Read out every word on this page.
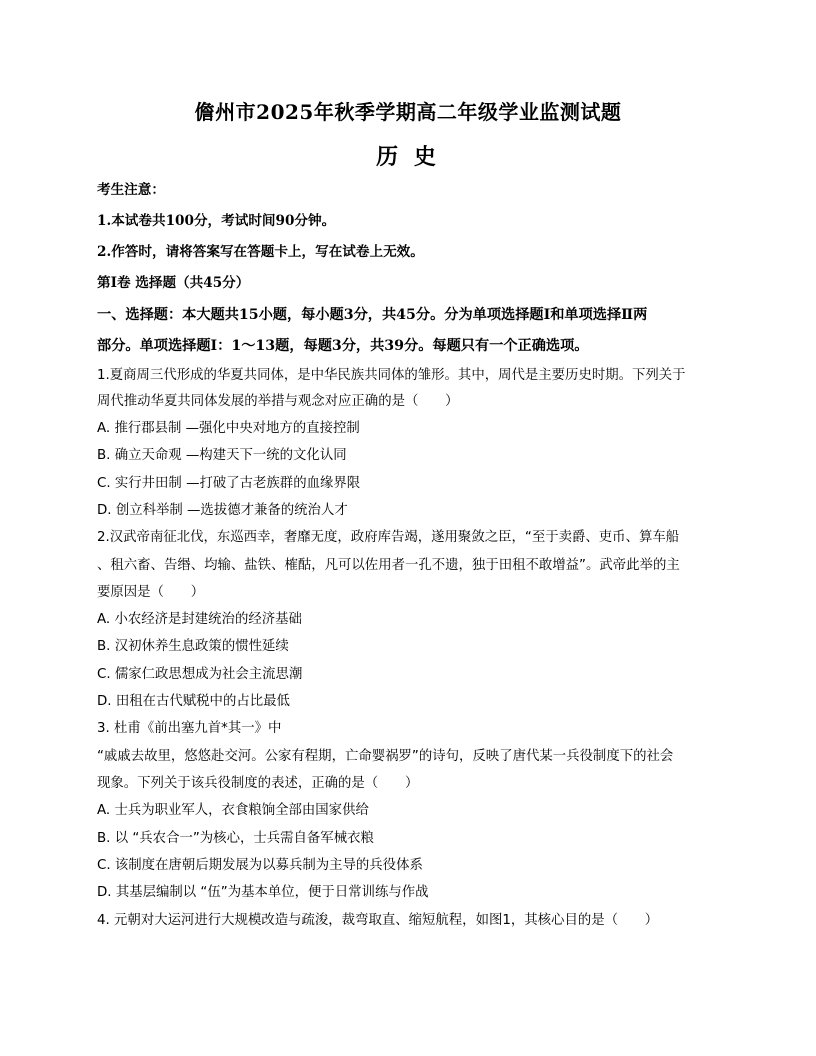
儋州市2025年秋季学期高二年级学业监测试题
历 史
考生注意：
1.本试卷共100分，考试时间90分钟。
2.作答时，请将答案写在答题卡上，写在试卷上无效。
第Ⅰ卷 选择题（共45分）
一、选择题：本大题共15小题，每小题3分，共45分。分为单项选择题Ⅰ和单项选择Ⅱ两
部分。单项选择题Ⅰ：1～13题，每题3分，共39分。每题只有一个正确选项。
1.夏商周三代形成的华夏共同体，是中华民族共同体的雏形。其中，周代是主要历史时期。下列关于
周代推动华夏共同体发展的举措与观念对应正确的是（　　）
A. 推行郡县制 —强化中央对地方的直接控制
B. 确立天命观 —构建天下一统的文化认同
C. 实行井田制 —打破了古老族群的血缘界限
D. 创立科举制 —选拔德才兼备的统治人才
2.汉武帝南征北伐，东巡西幸，奢靡无度，政府库告竭，遂用聚敛之臣，“至于卖爵、吏币、算车船
、租六畜、告缗、均输、盐铁、榷酤，凡可以佐用者一孔不遗，独于田租不敢增益”。武帝此举的主
要原因是（　　）
A. 小农经济是封建统治的经济基础
B. 汉初休养生息政策的惯性延续
C. 儒家仁政思想成为社会主流思潮
D. 田租在古代赋税中的占比最低
3. 杜甫《前出塞九首*其一》中
“戚戚去故里，悠悠赴交河。公家有程期，亡命婴祸罗”的诗句，反映了唐代某一兵役制度下的社会
现象。下列关于该兵役制度的表述，正确的是（　　）
A. 士兵为职业军人，衣食粮饷全部由国家供给
B. 以 “兵农合一”为核心，士兵需自备军械衣粮
C. 该制度在唐朝后期发展为以募兵制为主导的兵役体系
D. 其基层编制以 “伍”为基本单位，便于日常训练与作战
4. 元朝对大运河进行大规模改造与疏浚，裁弯取直、缩短航程，如图1，其核心目的是（　　）
